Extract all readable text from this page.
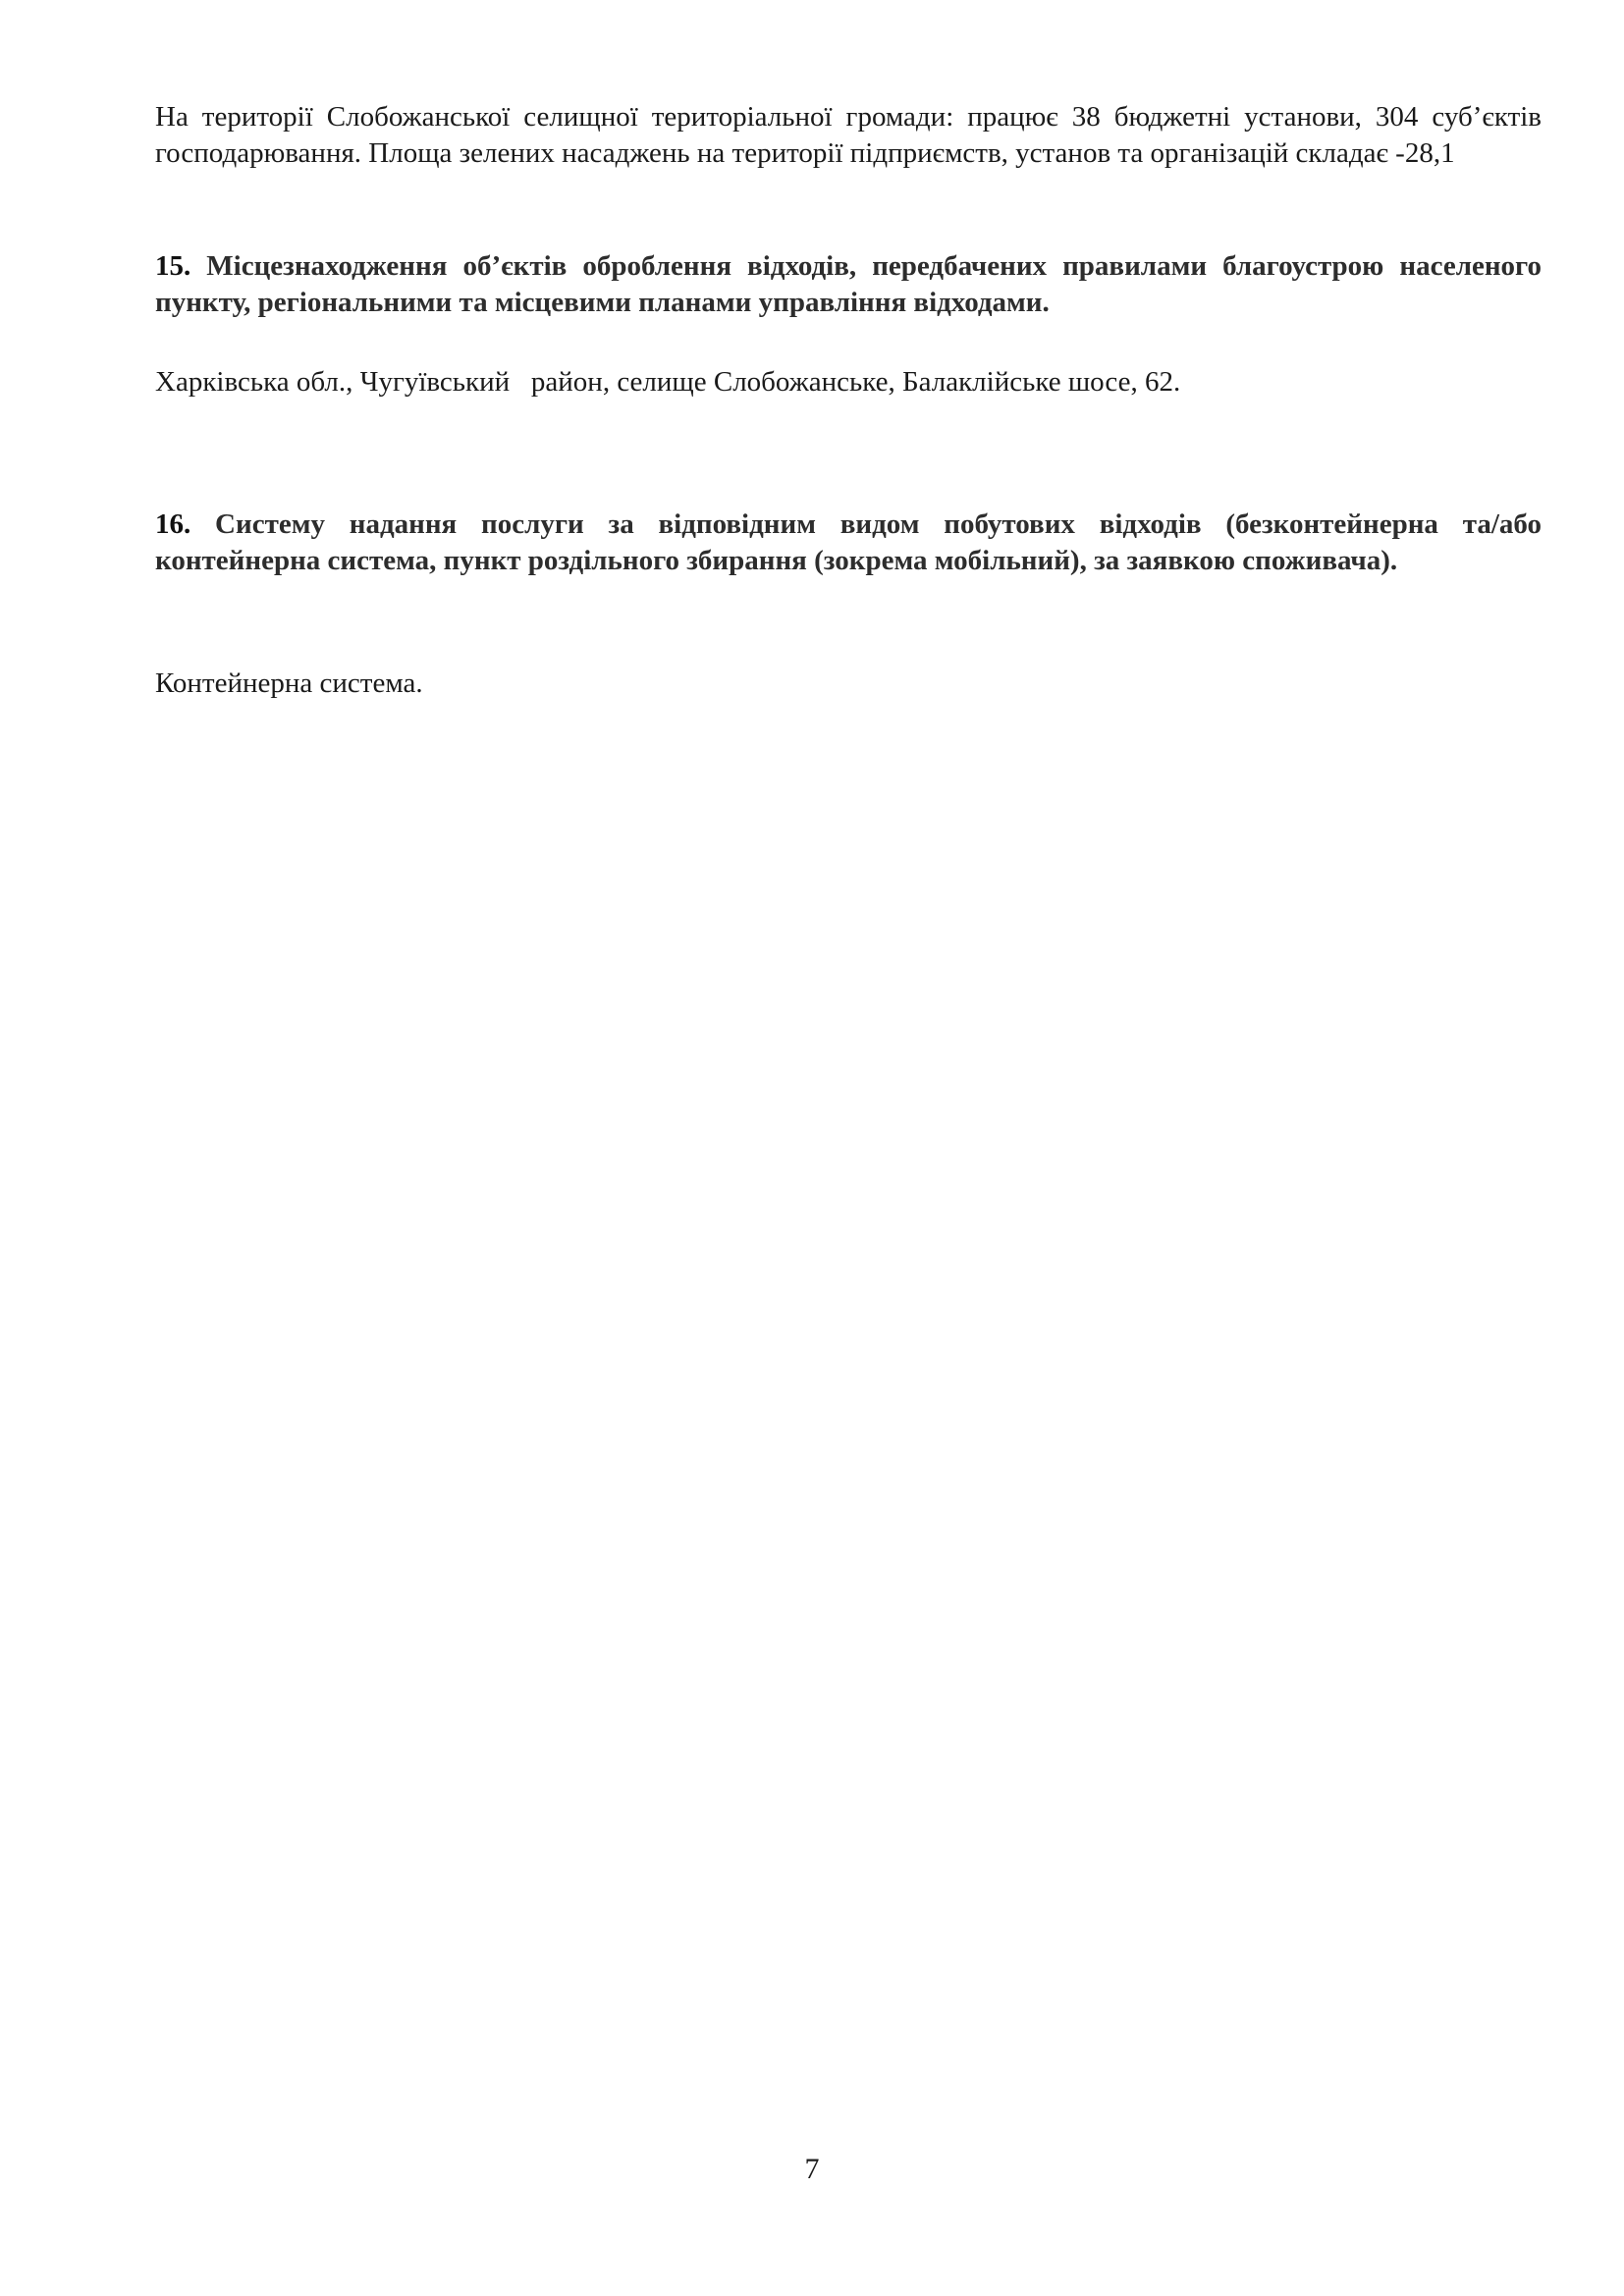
На території Слобожанської селищної територіальної громади: працює 38 бюджетні установи, 304 суб’єктів господарювання. Площа зелених насаджень на території підприємств, установ та організацій складає -28,1

15. Місцезнаходження об’єктів оброблення відходів, передбачених правилами благоустрою населеного пункту, регіональними та місцевими планами управління відходами.

Харківська обл., Чугуївський   район, селище Слобожанське, Балаклійське шосе, 62.

16. Систему надання послуги за відповідним видом побутових відходів (безконтейнерна та/або контейнерна система, пункт роздільного збирання (зокрема мобільний), за заявкою споживача).

Контейнерна система.

7
